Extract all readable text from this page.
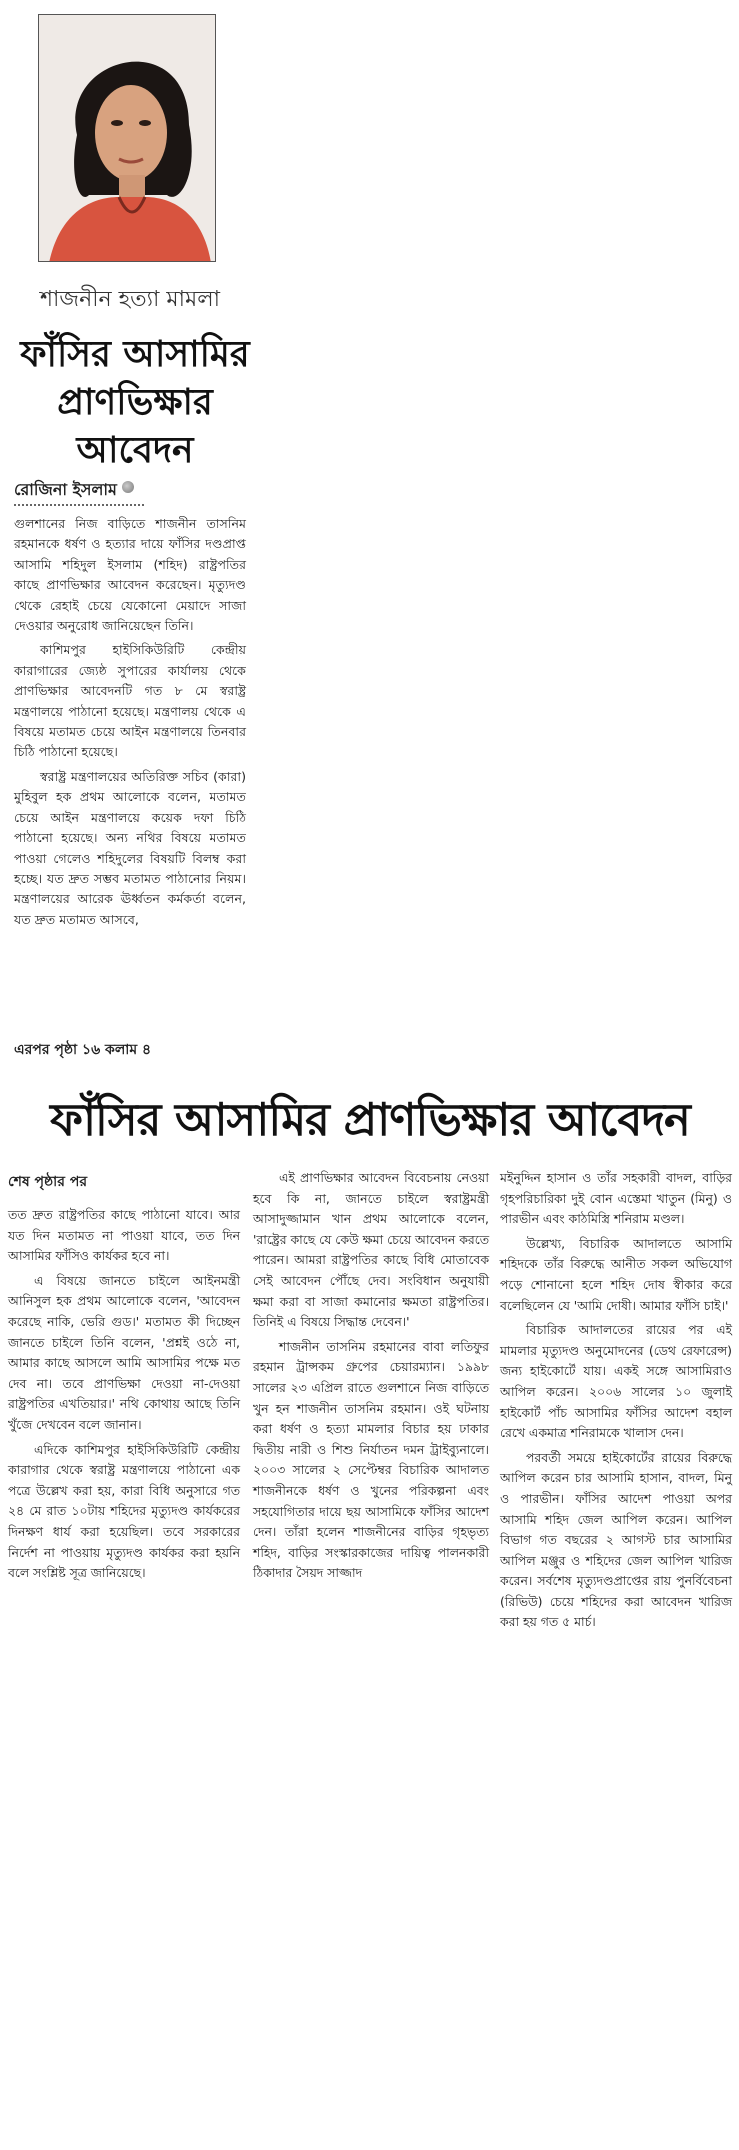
শাজনীন হত্যা মামলা
ফাঁসির আসামির
প্রাণভিক্ষার
আবেদন
রোজিনা ইসলাম

গুলশানের নিজ বাড়িতে শাজনীন তাসনিম রহমানকে ধর্ষণ ও হত্যার দায়ে ফাঁসির দণ্ডপ্রাপ্ত আসামি শহিদুল ইসলাম (শহিদ) রাষ্ট্রপতির কাছে প্রাণভিক্ষার আবেদন করেছেন। মৃত্যুদণ্ড থেকে রেহাই চেয়ে যেকোনো মেয়াদে সাজা দেওয়ার অনুরোধ জানিয়েছেন তিনি।

কাশিমপুর হাইসিকিউরিটি কেন্দ্রীয় কারাগারের জ্যেষ্ঠ সুপারের কার্যালয় থেকে প্রাণভিক্ষার আবেদনটি গত ৮ মে স্বরাষ্ট্র মন্ত্রণালয়ে পাঠানো হয়েছে। মন্ত্রণালয় থেকে এ বিষয়ে মতামত চেয়ে আইন মন্ত্রণালয়ে তিনবার চিঠি পাঠানো হয়েছে।

স্বরাষ্ট্র মন্ত্রণালয়ের অতিরিক্ত সচিব (কারা) মুহিবুল হক প্রথম আলোকে বলেন, মতামত চেয়ে আইন মন্ত্রণালয়ে কয়েক দফা চিঠি পাঠানো হয়েছে। অন্য নথির বিষয়ে মতামত পাওয়া গেলেও শহিদুলের বিষয়টি বিলম্ব করা হচ্ছে। যত দ্রুত সম্ভব মতামত পাঠানোর নিয়ম। মন্ত্রণালয়ের আরেক ঊর্ধ্বতন কর্মকর্তা বলেন, যত দ্রুত মতামত আসবে,

এরপর পৃষ্ঠা ১৬ কলাম ৪
ফাঁসির আসামির প্রাণভিক্ষার আবেদন
শেষ পৃষ্ঠার পর

তত দ্রুত রাষ্ট্রপতির কাছে পাঠানো যাবে। আর যত দিন মতামত না পাওয়া যাবে, তত দিন আসামির ফাঁসিও কার্যকর হবে না।

এ বিষয়ে জানতে চাইলে আইনমন্ত্রী আনিসুল হক প্রথম আলোকে বলেন, 'আবেদন করেছে নাকি, ভেরি গুড।' মতামত কী দিচ্ছেন জানতে চাইলে তিনি বলেন, 'প্রশ্নই ওঠে না, আমার কাছে আসলে আমি আসামির পক্ষে মত দেব না। তবে প্রাণভিক্ষা দেওয়া না-দেওয়া রাষ্ট্রপতির এখতিয়ার।' নথি কোথায় আছে তিনি খুঁজে দেখবেন বলে জানান।

এদিকে কাশিমপুর হাইসিকিউরিটি কেন্দ্রীয় কারাগার থেকে স্বরাষ্ট্র মন্ত্রণালয়ে পাঠানো এক পত্রে উল্লেখ করা হয়, কারা বিধি অনুসারে গত ২৪ মে রাত ১০টায় শহিদের মৃত্যুদণ্ড কার্যকরের দিনক্ষণ ধার্য করা হয়েছিল। তবে সরকারের নির্দেশ না পাওয়ায় মৃত্যুদণ্ড কার্যকর করা হয়নি বলে সংশ্লিষ্ট সূত্র জানিয়েছে।

এই প্রাণভিক্ষার আবেদন বিবেচনায় নেওয়া হবে কি না, জানতে চাইলে স্বরাষ্ট্রমন্ত্রী আসাদুজ্জামান খান প্রথম আলোকে বলেন, 'রাষ্ট্রের কাছে যে কেউ ক্ষমা চেয়ে আবেদন করতে পারেন। আমরা রাষ্ট্রপতির কাছে বিধি মোতাবেক সেই আবেদন পৌঁছে দেব। সংবিধান অনুযায়ী ক্ষমা করা বা সাজা কমানোর ক্ষমতা রাষ্ট্রপতির। তিনিই এ বিষয়ে সিদ্ধান্ত দেবেন।'

শাজনীন তাসনিম রহমানের বাবা লতিফুর রহমান ট্রান্সকম গ্রুপের চেয়ারম্যান। ১৯৯৮ সালের ২৩ এপ্রিল রাতে গুলশানে নিজ বাড়িতে খুন হন শাজনীন তাসনিম রহমান। ওই ঘটনায় করা ধর্ষণ ও হত্যা মামলার বিচার হয় ঢাকার দ্বিতীয় নারী ও শিশু নির্যাতন দমন ট্রাইব্যুনালে। ২০০৩ সালের ২ সেপ্টেম্বর বিচারিক আদালত শাজনীনকে ধর্ষণ ও খুনের পরিকল্পনা এবং সহযোগিতার দায়ে ছয় আসামিকে ফাঁসির আদেশ দেন। তাঁরা হলেন শাজনীনের বাড়ির গৃহভৃত্য শহিদ, বাড়ির সংস্কারকাজের দায়িত্ব পালনকারী ঠিকাদার সৈয়দ সাজ্জাদ

মইনুদ্দিন হাসান ও তাঁর সহকারী বাদল, বাড়ির গৃহপরিচারিকা দুই বোন এস্তেমা খাতুন (মিনু) ও পারভীন এবং কাঠমিস্ত্রি শনিরাম মণ্ডল।

উল্লেখ্য, বিচারিক আদালতে আসামি শহিদকে তাঁর বিরুদ্ধে আনীত সকল অভিযোগ পড়ে শোনানো হলে শহিদ দোষ স্বীকার করে বলেছিলেন যে 'আমি দোষী। আমার ফাঁসি চাই।'

বিচারিক আদালতের রায়ের পর এই মামলার মৃত্যুদণ্ড অনুমোদনের (ডেথ রেফারেন্স) জন্য হাইকোর্টে যায়। একই সঙ্গে আসামিরাও আপিল করেন। ২০০৬ সালের ১০ জুলাই হাইকোর্ট পাঁচ আসামির ফাঁসির আদেশ বহাল রেখে একমাত্র শনিরামকে খালাস দেন।

পরবর্তী সময়ে হাইকোর্টের রায়ের বিরুদ্ধে আপিল করেন চার আসামি হাসান, বাদল, মিনু ও পারভীন। ফাঁসির আদেশ পাওয়া অপর আসামি শহিদ জেল আপিল করেন। আপিল বিভাগ গত বছরের ২ আগস্ট চার আসামির আপিল মঞ্জুর ও শহিদের জেল আপিল খারিজ করেন। সর্বশেষ মৃত্যুদণ্ডপ্রাপ্তের রায় পুনর্বিবেচনা (রিভিউ) চেয়ে শহিদের করা আবেদন খারিজ করা হয় গত ৫ মার্চ।
